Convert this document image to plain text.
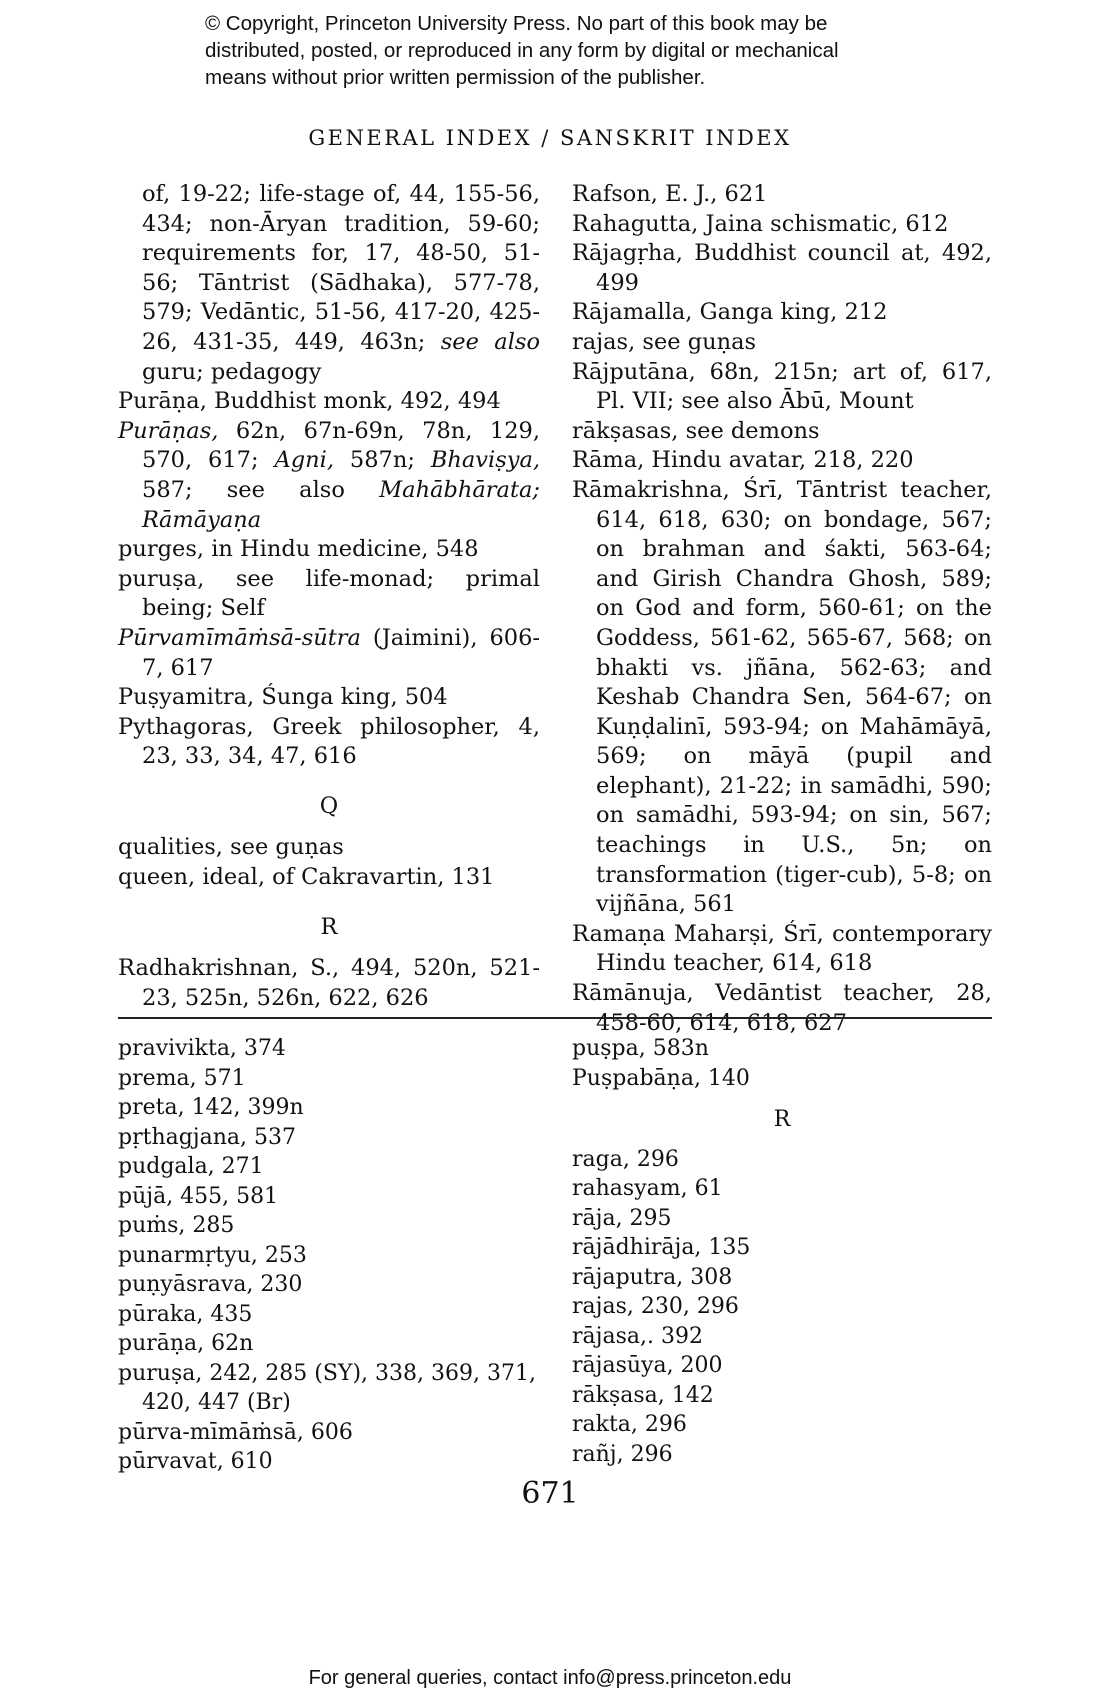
© Copyright, Princeton University Press. No part of this book may be
distributed, posted, or reproduced in any form by digital or mechanical
means without prior written permission of the publisher.
GENERAL INDEX / SANSKRIT INDEX

of, 19-22; life-stage of, 44, 155-56, 434; non-Āryan tradition, 59-60; requirements for, 17, 48-50, 51-56; Tāntrist (Sādhaka), 577-78, 579; Vedāntic, 51-56, 417-20, 425-26, 431-35, 449, 463n; see also guru; pedagogy

Purāṇa, Buddhist monk, 492, 494

Purāṇas, 62n, 67n-69n, 78n, 129, 570, 617; Agni, 587n; Bhaviṣya, 587; see also Mahābhārata; Rāmāyaṇa

purges, in Hindu medicine, 548

puruṣa, see life-monad; primal being; Self

Pūrvamīmāṁsā-sūtra (Jaimini), 606-7, 617

Puṣyamitra, Śunga king, 504

Pythagoras, Greek philosopher, 4, 23, 33, 34, 47, 616

Q

qualities, see guṇas

queen, ideal, of Cakravartin, 131

R

Radhakrishnan, S., 494, 520n, 521-23, 525n, 526n, 622, 626

Rafson, E. J., 621

Rahagutta, Jaina schismatic, 612

Rājagṛha, Buddhist council at, 492, 499

Rājamalla, Ganga king, 212

rajas, see guṇas

Rājputāna, 68n, 215n; art of, 617, Pl. VII; see also Ābū, Mount

rākṣasas, see demons

Rāma, Hindu avatar, 218, 220

Rāmakrishna, Śrī, Tāntrist teacher, 614, 618, 630; on bondage, 567; on brahman and śakti, 563-64; and Girish Chandra Ghosh, 589; on God and form, 560-61; on the Goddess, 561-62, 565-67, 568; on bhakti vs. jñāna, 562-63; and Keshab Chandra Sen, 564-67; on Kuṇḍalinī, 593-94; on Mahāmāyā, 569; on māyā (pupil and elephant), 21-22; in samādhi, 590; on samādhi, 593-94; on sin, 567; teachings in U.S., 5n; on transformation (tiger-cub), 5-8; on vijñāna, 561

Ramaṇa Maharṣi, Śrī, contemporary Hindu teacher, 614, 618

Rāmānuja, Vedāntist teacher, 28, 458-60, 614, 618, 627

pravivikta, 374

prema, 571

preta, 142, 399n

pṛthagjana, 537

pudgala, 271

pūjā, 455, 581

puṁs, 285

punarmṛtyu, 253

puṇyāsrava, 230

pūraka, 435

purāṇa, 62n

puruṣa, 242, 285 (SY), 338, 369, 371, 420, 447 (Br)

pūrva-mīmāṁsā, 606

pūrvavat, 610

puṣpa, 583n

Puṣpabāṇa, 140

R

raga, 296

rahasyam, 61

rāja, 295

rājādhirāja, 135

rājaputra, 308

rajas, 230, 296

rājasa,. 392

rājasūya, 200

rākṣasa, 142

rakta, 296

rañj, 296

671
For general queries, contact info@press.princeton.edu
